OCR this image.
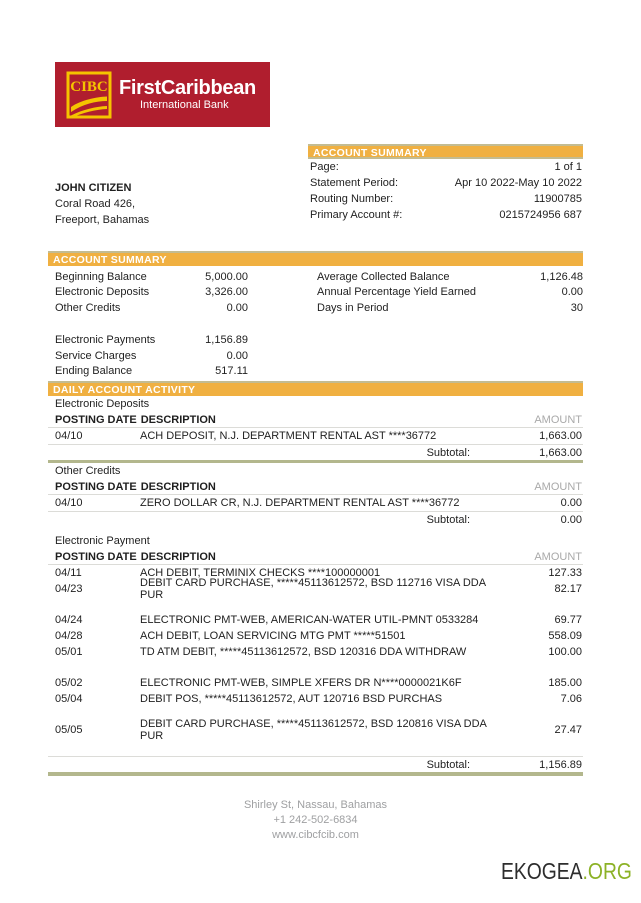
CIBC FirstCaribbean
International Bank
ACCOUNT SUMMARY
Page:	1 of 1
Statement Period:	Apr 10 2022-May 10 2022
Routing Number:	11900785
Primary Account #:	0215724956 687
JOHN CITIZEN
Coral Road 426,
Freeport, Bahamas
ACCOUNT SUMMARY
Beginning Balance	5,000.00
Electronic Deposits	3,326.00
Other Credits	0.00
Electronic Payments	1,156.89
Service Charges	0.00
Ending Balance	517.11
Average Collected Balance	1,126.48
Annual Percentage Yield Earned	0.00
Days in Period	30
DAILY ACCOUNT ACTIVITY
Electronic Deposits
POSTING DATE DESCRIPTION	AMOUNT
04/10	ACH DEPOSIT, N.J. DEPARTMENT RENTAL AST ****36772	1,663.00
Subtotal:	1,663.00
Other Credits
POSTING DATE DESCRIPTION	AMOUNT
04/10	ZERO DOLLAR CR, N.J. DEPARTMENT RENTAL AST ****36772	0.00
Subtotal:	0.00
Electronic Payment
POSTING DATE DESCRIPTION	AMOUNT
04/11	ACH DEBIT, TERMINIX CHECKS ****100000001	127.33
04/23	DEBIT CARD PURCHASE, *****45113612572, BSD 112716 VISA DDA PUR	82.17
04/24	ELECTRONIC PMT-WEB, AMERICAN-WATER UTIL-PMNT 0533284	69.77
04/28	ACH DEBIT, LOAN SERVICING MTG PMT *****51501	558.09
05/01	TD ATM DEBIT, *****45113612572, BSD 120316 DDA WITHDRAW	100.00
05/02	ELECTRONIC PMT-WEB, SIMPLE XFERS DR N****0000021K6F	185.00
05/04	DEBIT POS, *****45113612572, AUT 120716 BSD PURCHAS	7.06
05/05	DEBIT CARD PURCHASE, *****45113612572, BSD 120816 VISA DDA PUR	27.47
Subtotal:	1,156.89
Shirley St, Nassau, Bahamas
+1 242-502-6834
www.cibcfcib.com
EKOGEA.ORG
